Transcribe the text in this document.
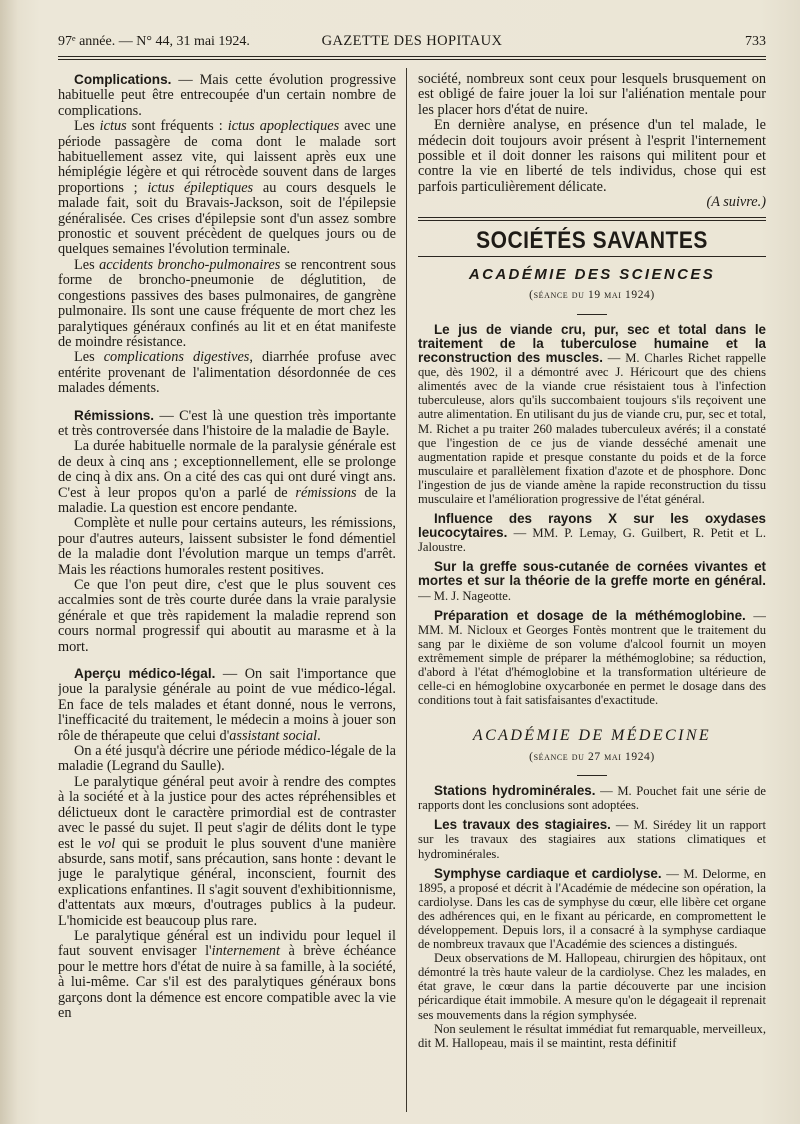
97ᵉ année. — N° 44, 31 mai 1924.	GAZETTE DES HOPITAUX	733

Complications. — Mais cette évolution progressive habituelle peut être entrecoupée d'un certain nombre de complications.

Les ictus sont fréquents : ictus apoplectiques avec une période passagère de coma dont le malade sort habituellement assez vite, qui laissent après eux une hémiplégie légère et qui rétrocède souvent dans de larges proportions ; ictus épileptiques au cours desquels le malade fait, soit du Bravais-Jackson, soit de l'épilepsie généralisée. Ces crises d'épilepsie sont d'un assez sombre pronostic et souvent précèdent de quelques jours ou de quelques semaines l'évolution terminale.

Les accidents broncho-pulmonaires se rencontrent sous forme de broncho-pneumonie de déglutition, de congestions passives des bases pulmonaires, de gangrène pulmonaire. Ils sont une cause fréquente de mort chez les paralytiques généraux confinés au lit et en état manifeste de moindre résistance.

Les complications digestives, diarrhée profuse avec entérite provenant de l'alimentation désordonnée de ces malades déments.

Rémissions. — C'est là une question très importante et très controversée dans l'histoire de la maladie de Bayle.

La durée habituelle normale de la paralysie générale est de deux à cinq ans ; exceptionnellement, elle se prolonge de cinq à dix ans. On a cité des cas qui ont duré vingt ans. C'est à leur propos qu'on a parlé de rémissions de la maladie. La question est encore pendante.

Complète et nulle pour certains auteurs, les rémissions, pour d'autres auteurs, laissent subsister le fond démentiel de la maladie dont l'évolution marque un temps d'arrêt. Mais les réactions humorales restent positives.

Ce que l'on peut dire, c'est que le plus souvent ces accalmies sont de très courte durée dans la vraie paralysie générale et que très rapidement la maladie reprend son cours normal progressif qui aboutit au marasme et à la mort.

Aperçu médico-légal. — On sait l'importance que joue la paralysie générale au point de vue médico-légal. En face de tels malades et étant donné, nous le verrons, l'inefficacité du traitement, le médecin a moins à jouer son rôle de thérapeute que celui d'assistant social.

On a été jusqu'à décrire une période médico-légale de la maladie (Legrand du Saulle).

Le paralytique général peut avoir à rendre des comptes à la société et à la justice pour des actes répréhensibles et délictueux dont le caractère primordial est de contraster avec le passé du sujet. Il peut s'agir de délits dont le type est le vol qui se produit le plus souvent d'une manière absurde, sans motif, sans précaution, sans honte : devant le juge le paralytique général, inconscient, fournit des explications enfantines. Il s'agit souvent d'exhibitionnisme, d'attentats aux mœurs, d'outrages publics à la pudeur. L'homicide est beaucoup plus rare.

Le paralytique général est un individu pour lequel il faut souvent envisager l'internement à brève échéance pour le mettre hors d'état de nuire à sa famille, à la société, à lui-même. Car s'il est des paralytiques généraux bons garçons dont la démence est encore compatible avec la vie en

société, nombreux sont ceux pour lesquels brusquement on est obligé de faire jouer la loi sur l'aliénation mentale pour les placer hors d'état de nuire.

En dernière analyse, en présence d'un tel malade, le médecin doit toujours avoir présent à l'esprit l'internement possible et il doit donner les raisons qui militent pour et contre la vie en liberté de tels individus, chose qui est parfois particulièrement délicate.

(A suivre.)

SOCIÉTÉS SAVANTES
ACADÉMIE DES SCIENCES
(séance du 19 mai 1924)

Le jus de viande cru, pur, sec et total dans le traitement de la tuberculose humaine et la reconstruction des muscles. — M. Charles Richet rappelle que, dès 1902, il a démontré avec J. Héricourt que des chiens alimentés avec de la viande crue résistaient tous à l'infection tuberculeuse, alors qu'ils succombaient toujours s'ils reçoivent une autre alimentation. En utilisant du jus de viande cru, pur, sec et total, M. Richet a pu traiter 260 malades tuberculeux avérés; il a constaté que l'ingestion de ce jus de viande desséché amenait une augmentation rapide et presque constante du poids et de la force musculaire et parallèlement fixation d'azote et de phosphore. Donc l'ingestion de jus de viande amène la rapide reconstruction du tissu musculaire et l'amélioration progressive de l'état général.

Influence des rayons X sur les oxydases leucocytaires. — MM. P. Lemay, G. Guilbert, R. Petit et L. Jaloustre.

Sur la greffe sous-cutanée de cornées vivantes et mortes et sur la théorie de la greffe morte en général. — M. J. Nageotte.

Préparation et dosage de la méthémoglobine. — MM. M. Nicloux et Georges Fontès montrent que le traitement du sang par le dixième de son volume d'alcool fournit un moyen extrêmement simple de préparer la méthémoglobine; sa réduction, d'abord à l'état d'hémoglobine et la transformation ultérieure de celle-ci en hémoglobine oxycarbonée en permet le dosage dans des conditions tout à fait satisfaisantes d'exactitude.

ACADÉMIE DE MÉDECINE
(séance du 27 mai 1924)

Stations hydrominérales. — M. Pouchet fait une série de rapports dont les conclusions sont adoptées.

Les travaux des stagiaires. — M. Sirédey lit un rapport sur les travaux des stagiaires aux stations climatiques et hydrominérales.

Symphyse cardiaque et cardiolyse. — M. Delorme, en 1895, a proposé et décrit à l'Académie de médecine son opération, la cardiolyse. Dans les cas de symphyse du cœur, elle libère cet organe des adhérences qui, en le fixant au péricarde, en compromettent le développement. Depuis lors, il a consacré à la symphyse cardiaque de nombreux travaux que l'Académie des sciences a distingués.

Deux observations de M. Hallopeau, chirurgien des hôpitaux, ont démontré la très haute valeur de la cardiolyse. Chez les malades, en état grave, le cœur dans la partie découverte par une incision péricardique était immobile. A mesure qu'on le dégageait il reprenait ses mouvements dans la région symphysée.

Non seulement le résultat immédiat fut remarquable, merveilleux, dit M. Hallopeau, mais il se maintint, resta définitif
